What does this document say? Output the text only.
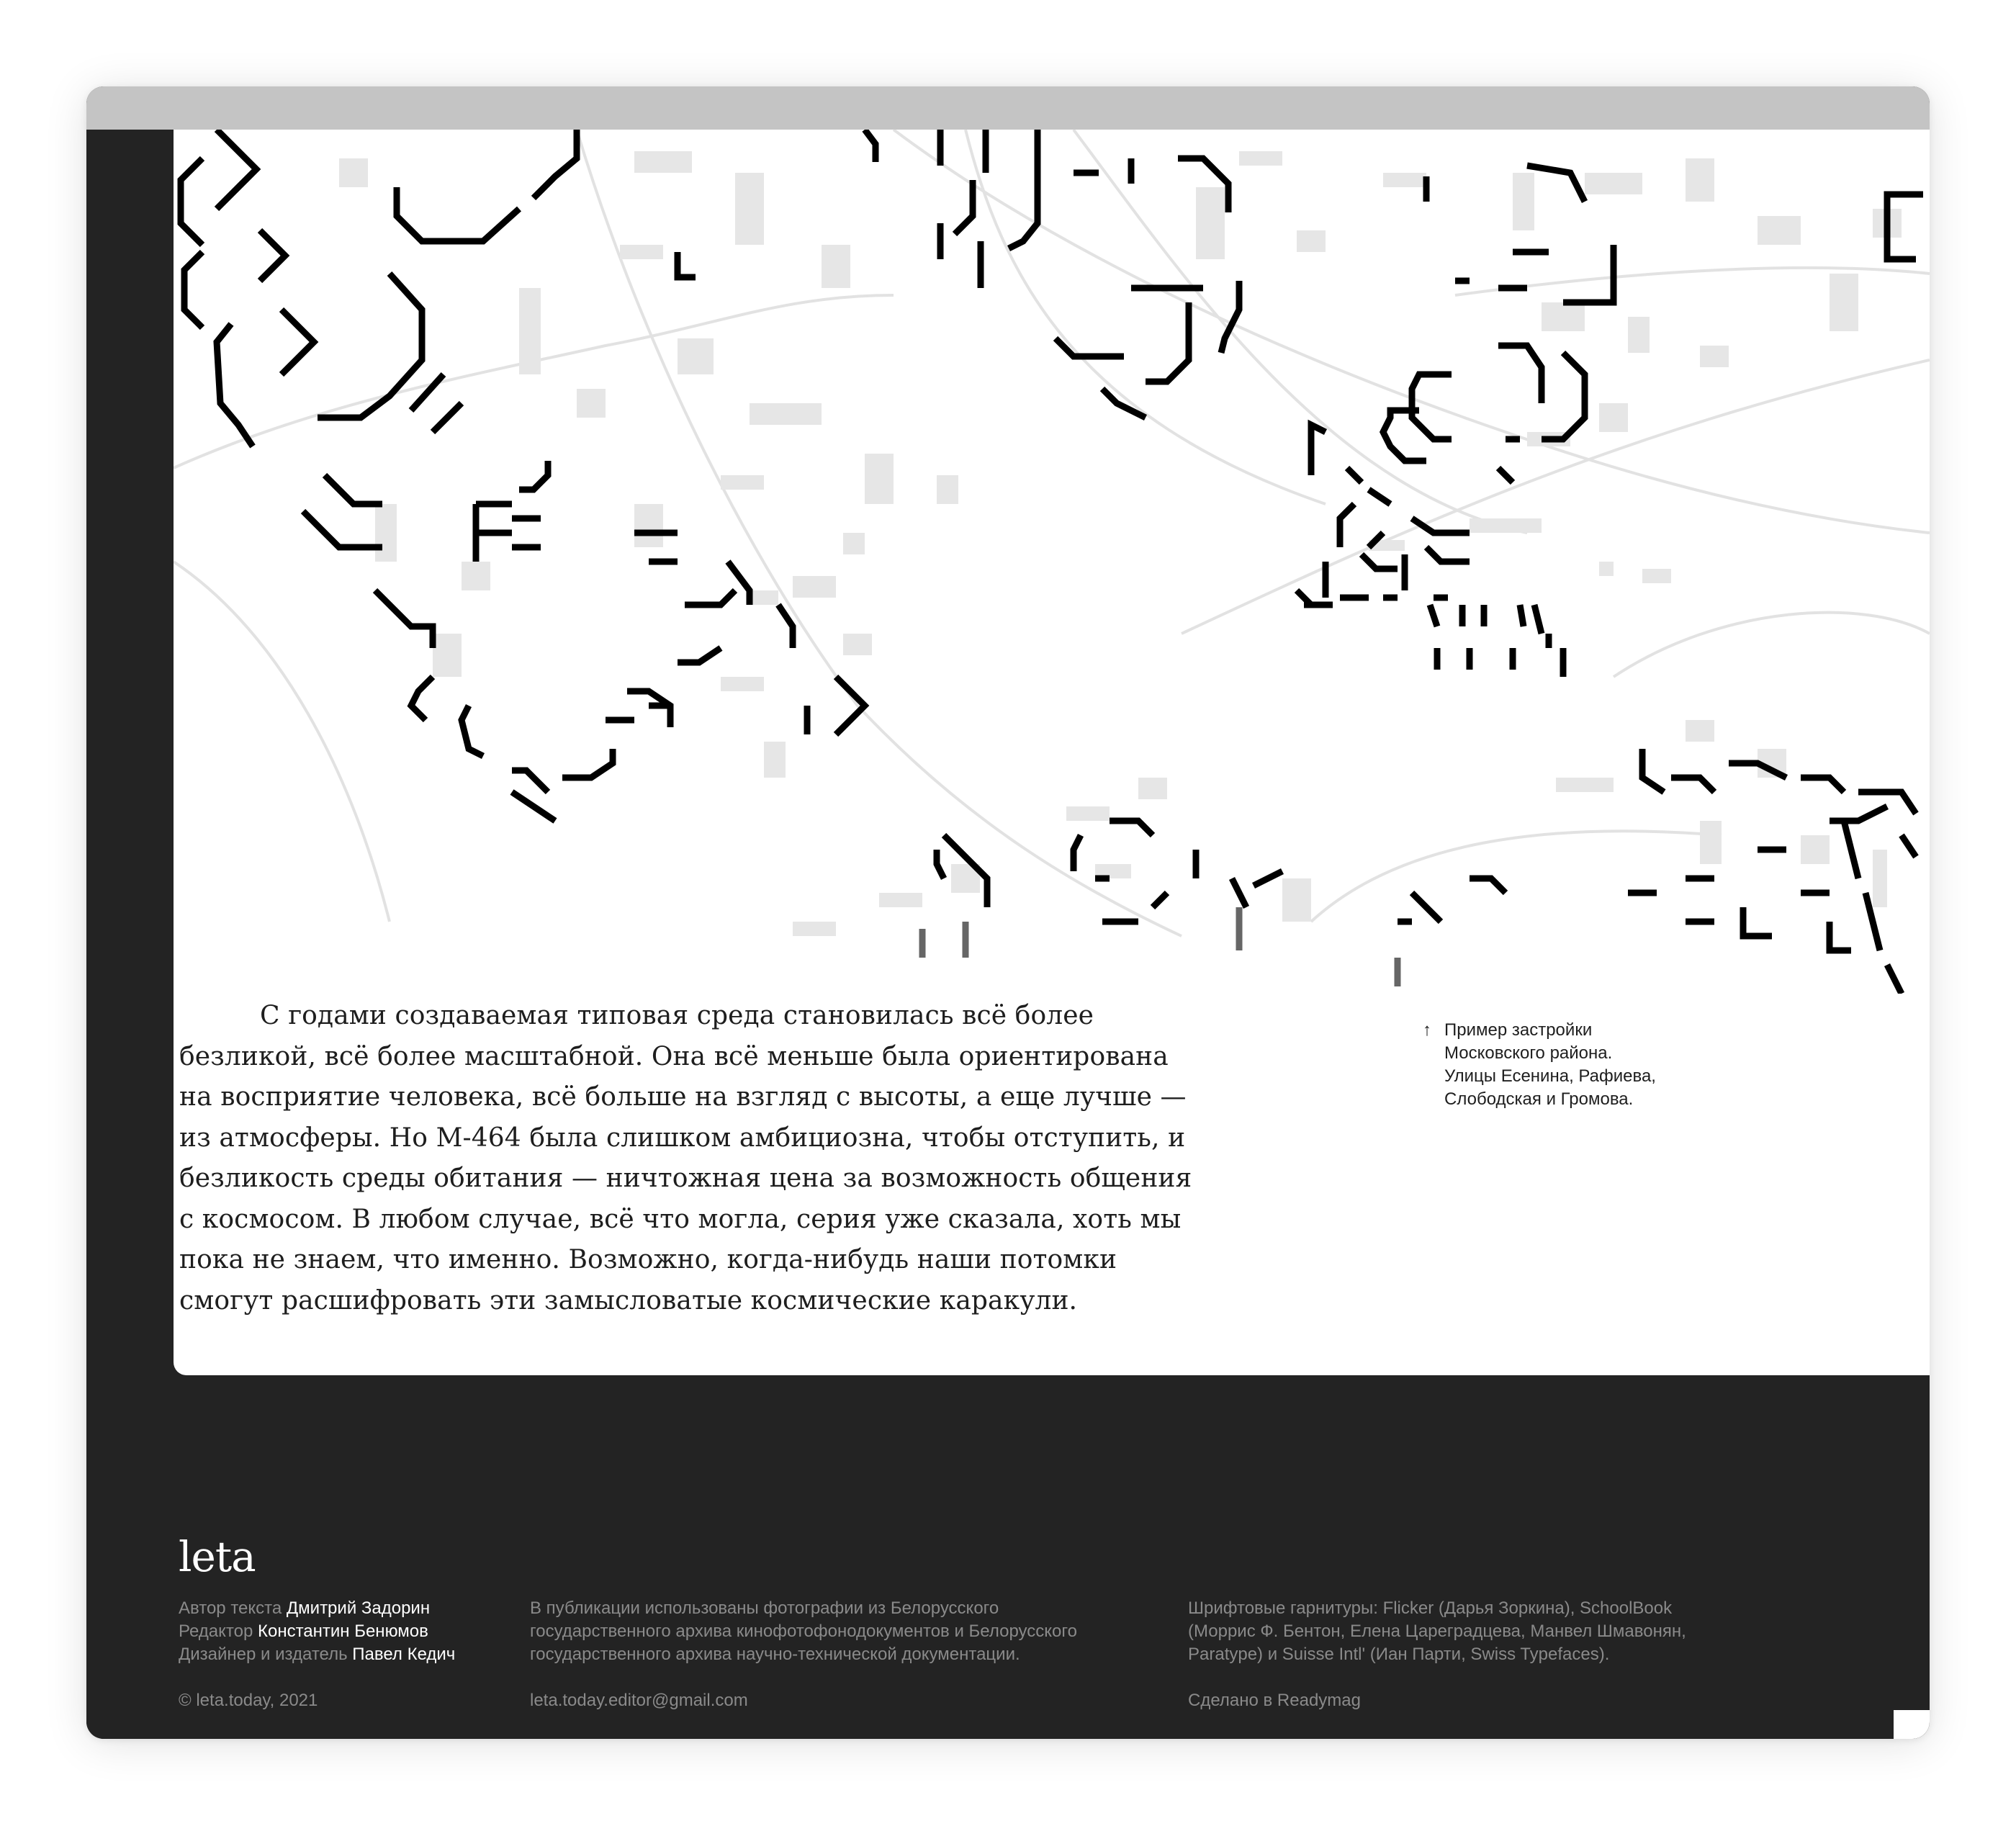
С годами создаваемая типовая среда становилась всё более безликой, всё более масштабной. Она всё меньше была ориентирована на восприятие человека, всё больше на взгляд с высоты, а еще лучше — из атмосферы. Но М-464 была слишком амбициозна, чтобы отступить, и безликость среды обитания — ничтожная цена за возможность общения с космосом. В любом случае, всё что могла, серия уже сказала, хоть мы пока не знаем, что именно. Возможно, когда-нибудь наши потомки смогут расшифровать эти замысловатые космические каракули.

↑ Пример застройки
Московского района.
Улицы Есенина, Рафиева,
Слободская и Громова.
leta
Автор текста Дмитрий Задорин
Редактор Константин Бенюмов
Дизайнер и издатель Павел Кедич
© leta.today, 2021
В публикации использованы фотографии из Белорусского
государственного архива кинофотофонодокументов и Белорусского
государственного архива научно-технической документации.
leta.today.editor@gmail.com
Шрифтовые гарнитуры: Flicker (Дарья Зоркина), SchoolBook
(Моррис Ф. Бентон, Елена Цареградцева, Манвел Шмавонян,
Paratype) и Suisse Intl' (Иан Парти, Swiss Typefaces).
Сделано в Readymag
